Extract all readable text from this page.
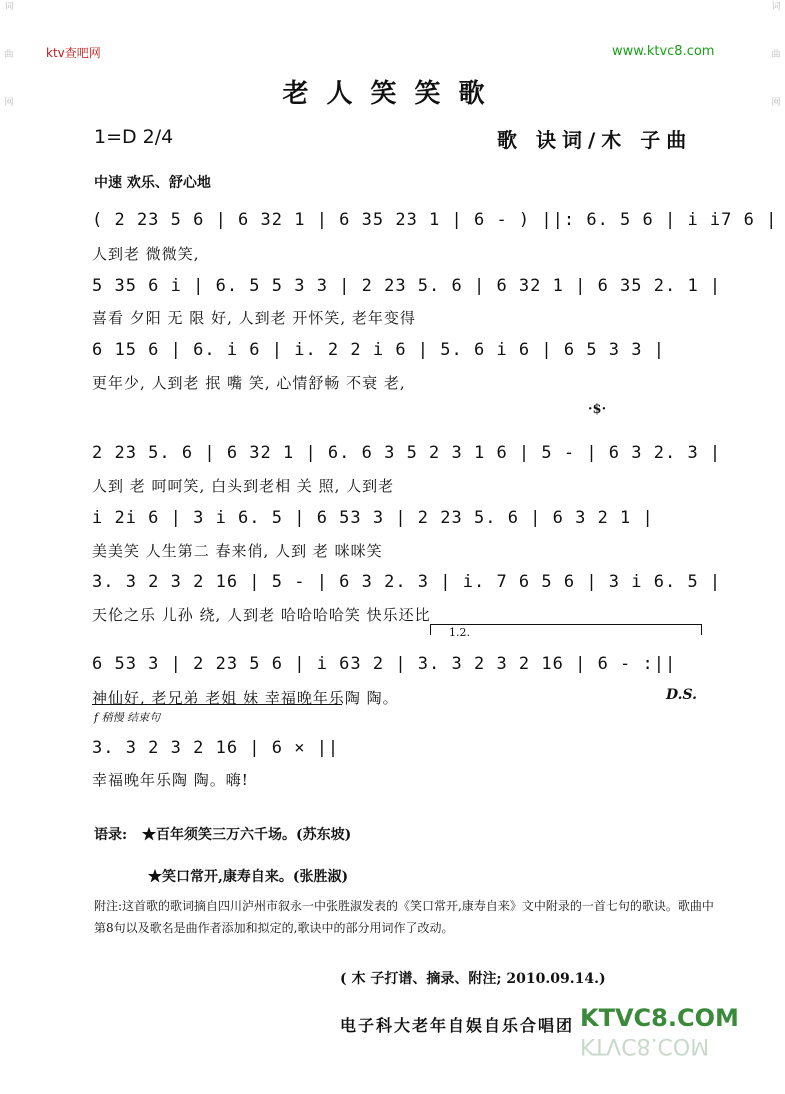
词
曲
网
词
曲
网
ktv查吧网	www.ktvc8.com
老人笑笑歌
1=D 2/4	歌 诀词/木 子曲
中速 欢乐、舒心地
( 2 23 5 6 | 6 32 1 | 6 35 23 1 | 6 - ) ||: 6. 5 6 | i i7 6 |
人到老 微微笑,
5 35 6 i | 6. 5 5 3 3 | 2 23 5. 6 | 6 32 1 | 6 35 2. 1 |
喜看 夕阳 无 限 好, 人到老 开怀笑, 老年变得
6 15 6 | 6. i 6 | i. 2 2 i 6 | 5. 6 i 6 | 6 5 3 3 |
更年少, 人到老 抿 嘴 笑, 心情舒畅 不衰 老,
·$·
2 23 5. 6 | 6 32 1 | 6. 6 3 5 2 3 1 6 | 5 - | 6 3 2. 3 |
人到 老 呵呵笑, 白头到老相 关 照, 人到老
i 2i 6 | 3 i 6. 5 | 6 53 3 | 2 23 5. 6 | 6 3 2 1 |
美美笑 人生第二 春来俏, 人到 老 咪咪笑
3. 3 2 3 2 16 | 5 - | 6 3 2. 3 | i. 7 6 5 6 | 3 i 6. 5 |
天伦之乐 儿孙 绕, 人到老 哈哈哈哈笑 快乐还比
1.2.
6 53 3 | 2 23 5 6 | i 63 2 | 3. 3 2 3 2 16 | 6 - :||
神仙好, 老兄弟 老姐 妹 幸福晚年乐陶 陶。	D.S.
f 稍慢 结束句
3. 3 2 3 2 16 | 6 × ||
幸福晚年乐陶 陶。嗨!
语录: ★百年须笑三万六千场。(苏东坡)
★笑口常开,康寿自来。(张胜淑)
附注:这首歌的歌词摘自四川泸州市叙永一中张胜淑发表的《笑口常开,康寿自来》文中附录的一首七句的歌诀。歌曲中第8句以及歌名是曲作者添加和拟定的,歌诀中的部分用词作了改动。
( 木 子打谱、摘录、附注; 2010.09.14.)
电子科大老年自娱自乐合唱团 KTVC8.COM
KTVC8.COM
